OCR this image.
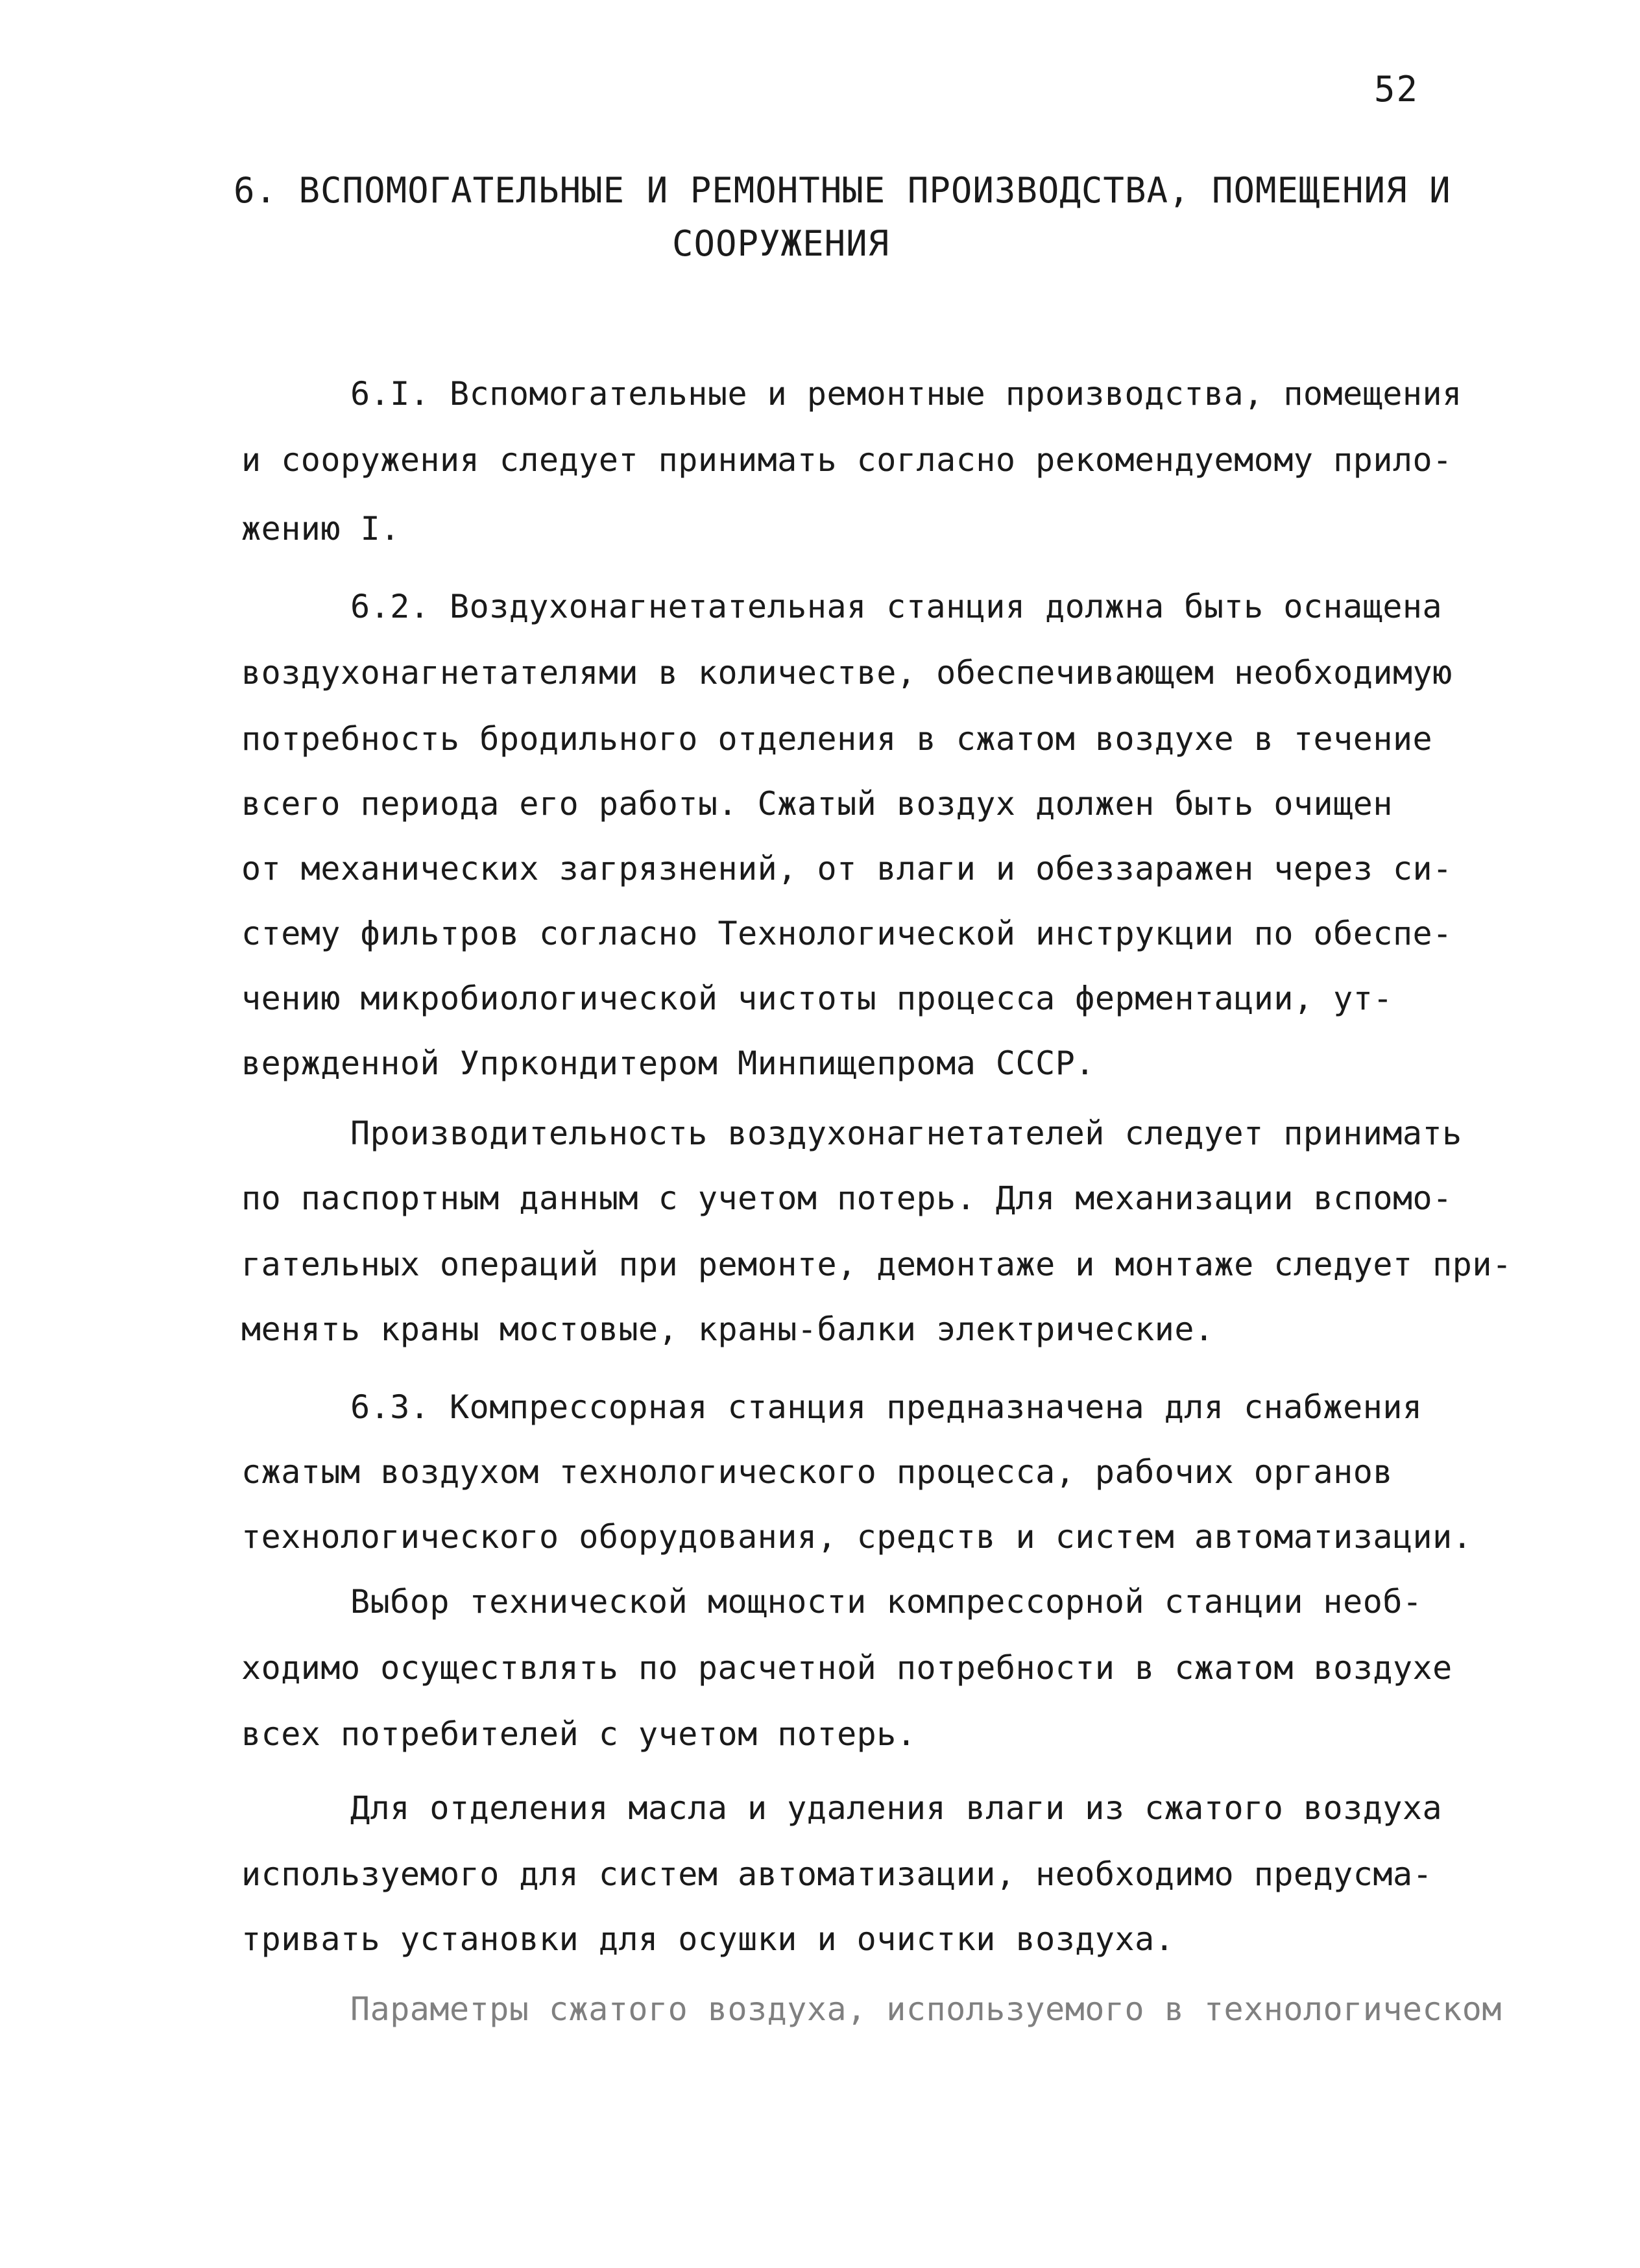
52
6. ВСПОМОГАТЕЛЬНЫЕ И РЕМОНТНЫЕ ПРОИЗВОДСТВА, ПОМЕЩЕНИЯ И
СООРУЖЕНИЯ
6.I. Вспомогательные и ремонтные производства, помещения
и сооружения следует принимать согласно рекомендуемому прило-
жению I.
6.2. Воздухонагнетательная станция должна быть оснащена
воздухонагнетателями в количестве, обеспечивающем необходимую
потребность бродильного отделения в сжатом воздухе в течение
всего периода его работы. Сжатый воздух должен быть очищен
от механических загрязнений, от влаги и обеззаражен через си-
стему фильтров согласно Технологической инструкции по обеспе-
чению микробиологической чистоты процесса ферментации, ут-
вержденной Упркондитером Минпищепрома СССР.
Производительность воздухонагнетателей следует принимать
по паспортным данным с учетом потерь. Для механизации вспомо-
гательных операций при ремонте, демонтаже и монтаже следует при-
менять краны мостовые, краны-балки электрические.
6.3. Компрессорная станция предназначена для снабжения
сжатым воздухом технологического процесса, рабочих органов
технологического оборудования, средств и систем автоматизации.
Выбор технической мощности компрессорной станции необ-
ходимо осуществлять по расчетной потребности в сжатом воздухе
всех потребителей с учетом потерь.
Для отделения масла и удаления влаги из сжатого воздуха
используемого для систем автоматизации, необходимо предусма-
тривать установки для осушки и очистки воздуха.
Параметры сжатого воздуха, используемого в технологическом
